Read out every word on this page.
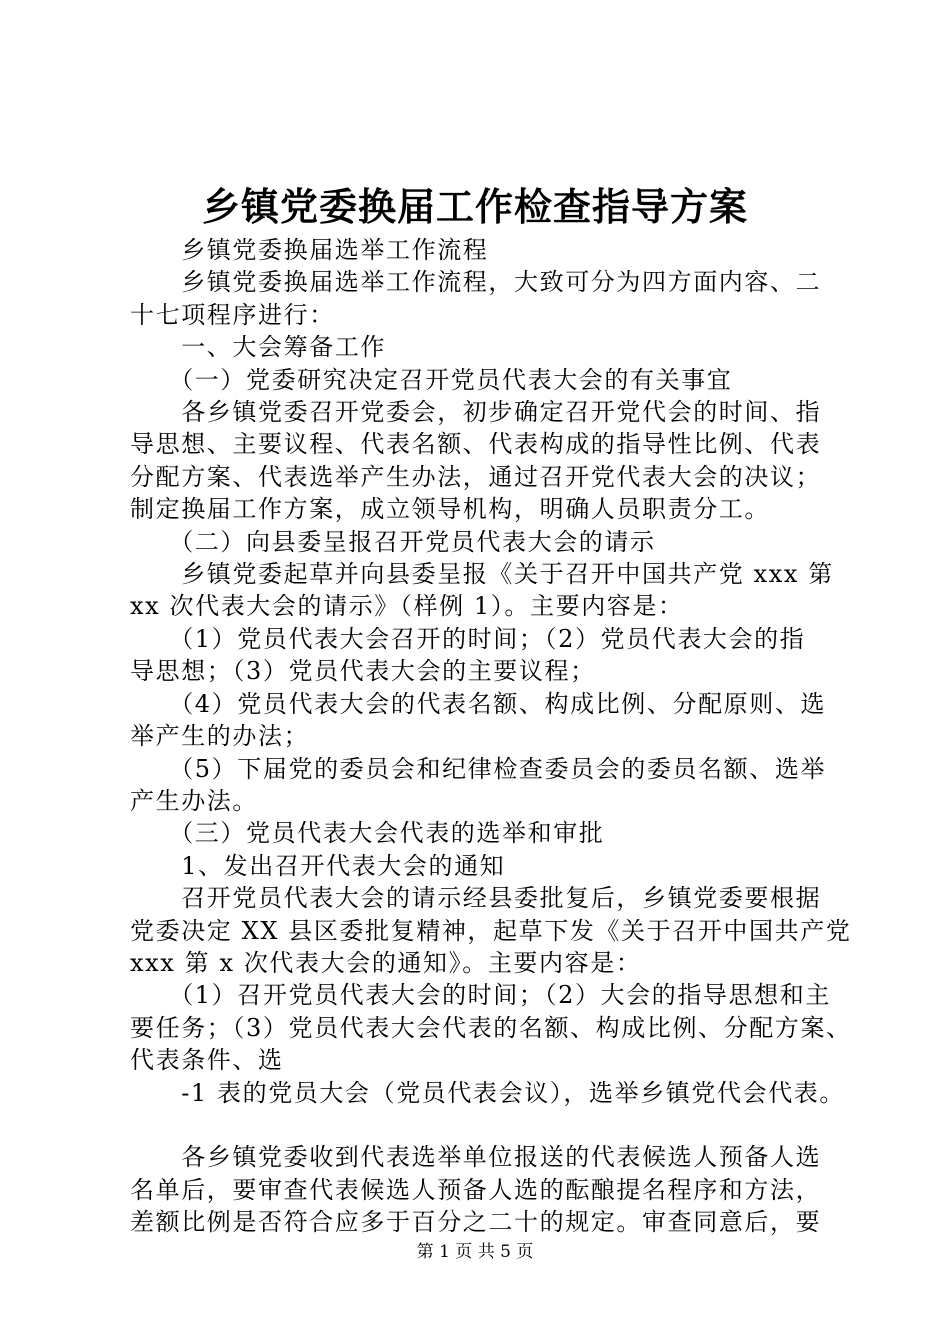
乡镇党委换届工作检查指导方案

　　乡镇党委换届选举工作流程

　　乡镇党委换届选举工作流程，大致可分为四方面内容、二

十七项程序进行：

　　一、大会筹备工作

　　（一）党委研究决定召开党员代表大会的有关事宜

　　各乡镇党委召开党委会，初步确定召开党代会的时间、指

导思想、主要议程、代表名额、代表构成的指导性比例、代表

分配方案、代表选举产生办法，通过召开党代表大会的决议；

制定换届工作方案，成立领导机构，明确人员职责分工。

　　（二）向县委呈报召开党员代表大会的请示

　　乡镇党委起草并向县委呈报《关于召开中国共产党 xxx 第

xx 次代表大会的请示》（样例 1）。主要内容是：

　　（1）党员代表大会召开的时间；（2）党员代表大会的指

导思想；（3）党员代表大会的主要议程；

　　（4）党员代表大会的代表名额、构成比例、分配原则、选

举产生的办法；

　　（5）下届党的委员会和纪律检查委员会的委员名额、选举

产生办法。

　　（三）党员代表大会代表的选举和审批

　　1、发出召开代表大会的通知

　　召开党员代表大会的请示经县委批复后，乡镇党委要根据

党委决定 XX 县区委批复精神，起草下发《关于召开中国共产党

xxx 第 x 次代表大会的通知》。主要内容是：

　　（1）召开党员代表大会的时间；（2）大会的指导思想和主

要任务；（3）党员代表大会代表的名额、构成比例、分配方案、

代表条件、选

　　-1 表的党员大会（党员代表会议），选举乡镇党代会代表。

　　各乡镇党委收到代表选举单位报送的代表候选人预备人选

名单后，要审查代表候选人预备人选的酝酿提名程序和方法，

差额比例是否符合应多于百分之二十的规定。审查同意后，要

第 1 页 共 5 页
